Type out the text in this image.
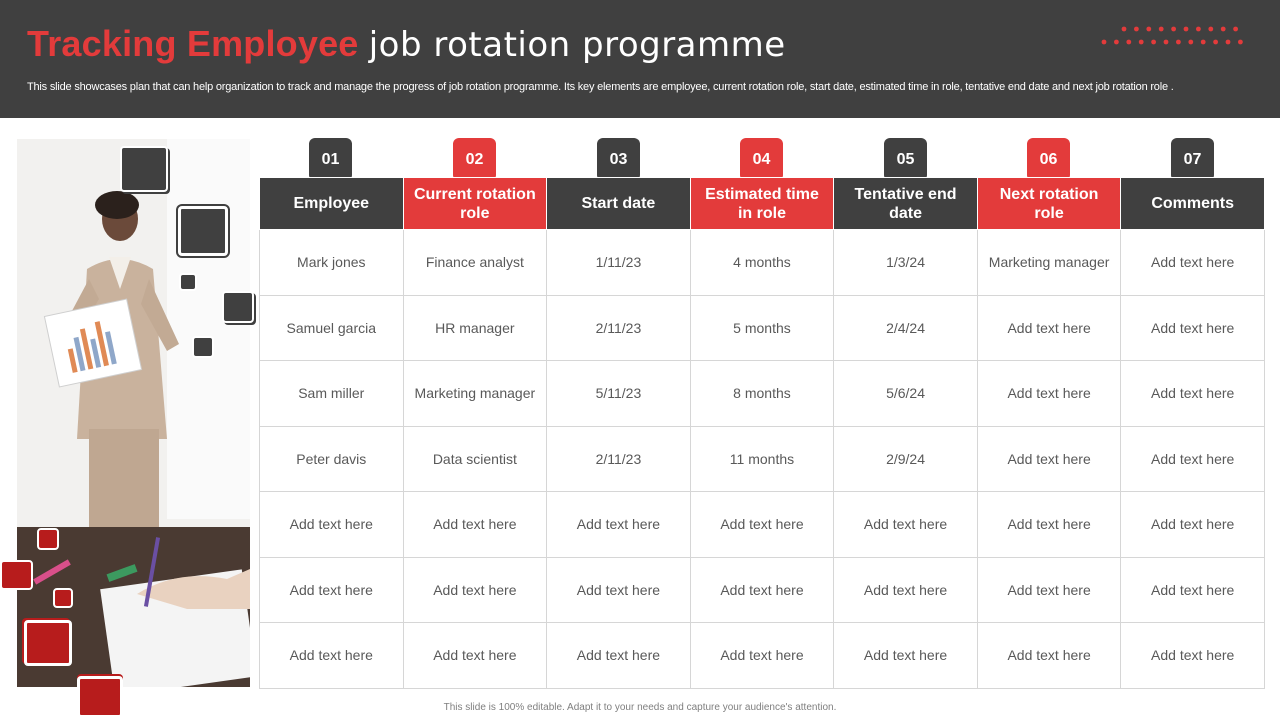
Tracking Employee job rotation programme
This slide showcases plan that can help organization to track and manage the progress of job rotation programme. Its key elements are employee, current rotation role, start date, estimated time in role, tentative end date and next job rotation role .
01	02	03	04	05	06	07
Employee	Current rotation role	Start date	Estimated time in role	Tentative end date	Next rotation role	Comments
Mark jones	Finance analyst	1/11/23	4 months	1/3/24	Marketing manager	Add text here
Samuel garcia	HR manager	2/11/23	5 months	2/4/24	Add text here	Add text here
Sam miller	Marketing manager	5/11/23	8 months	5/6/24	Add text here	Add text here
Peter davis	Data scientist	2/11/23	11 months	2/9/24	Add text here	Add text here
Add text here	Add text here	Add text here	Add text here	Add text here	Add text here	Add text here
Add text here	Add text here	Add text here	Add text here	Add text here	Add text here	Add text here
Add text here	Add text here	Add text here	Add text here	Add text here	Add text here	Add text here
This slide is 100% editable. Adapt it to your needs and capture your audience's attention.
